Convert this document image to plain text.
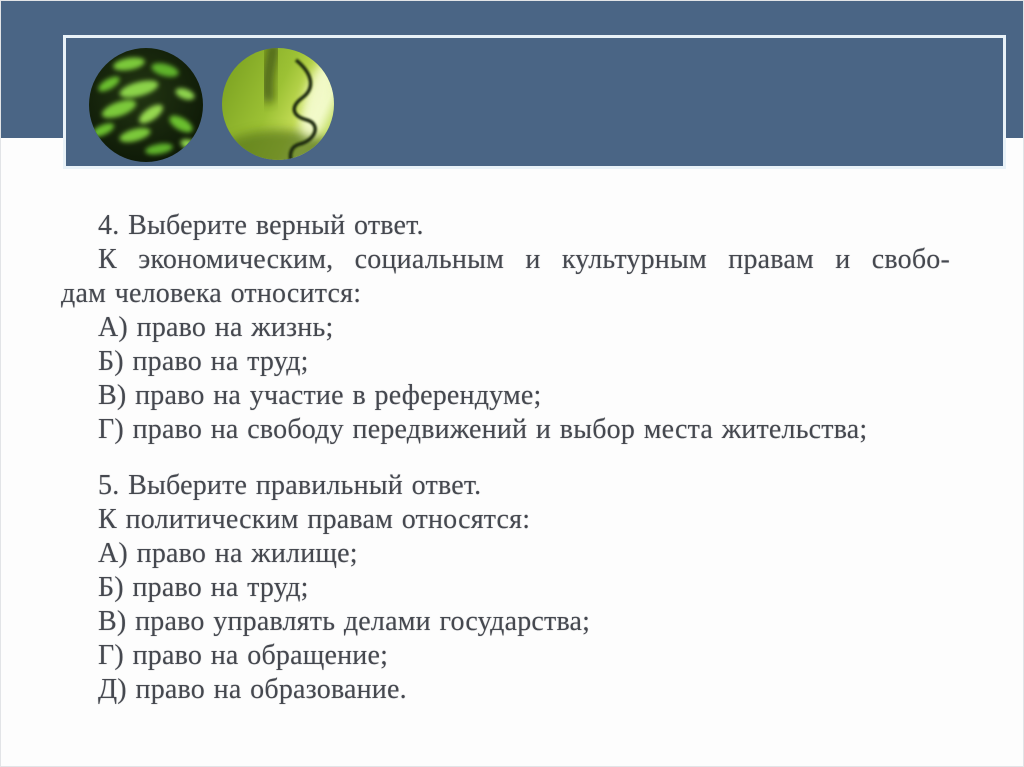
4. Выберите верный ответ.
К экономическим, социальным и культурным правам и свобо-
дам человека относится:
А) право на жизнь;
Б) право на труд;
В) право на участие в референдуме;
Г) право на свободу передвижений и выбор места жительства;
5. Выберите правильный ответ.
К политическим правам относятся:
А) право на жилище;
Б) право на труд;
В) право управлять делами государства;
Г) право на обращение;
Д) право на образование.
